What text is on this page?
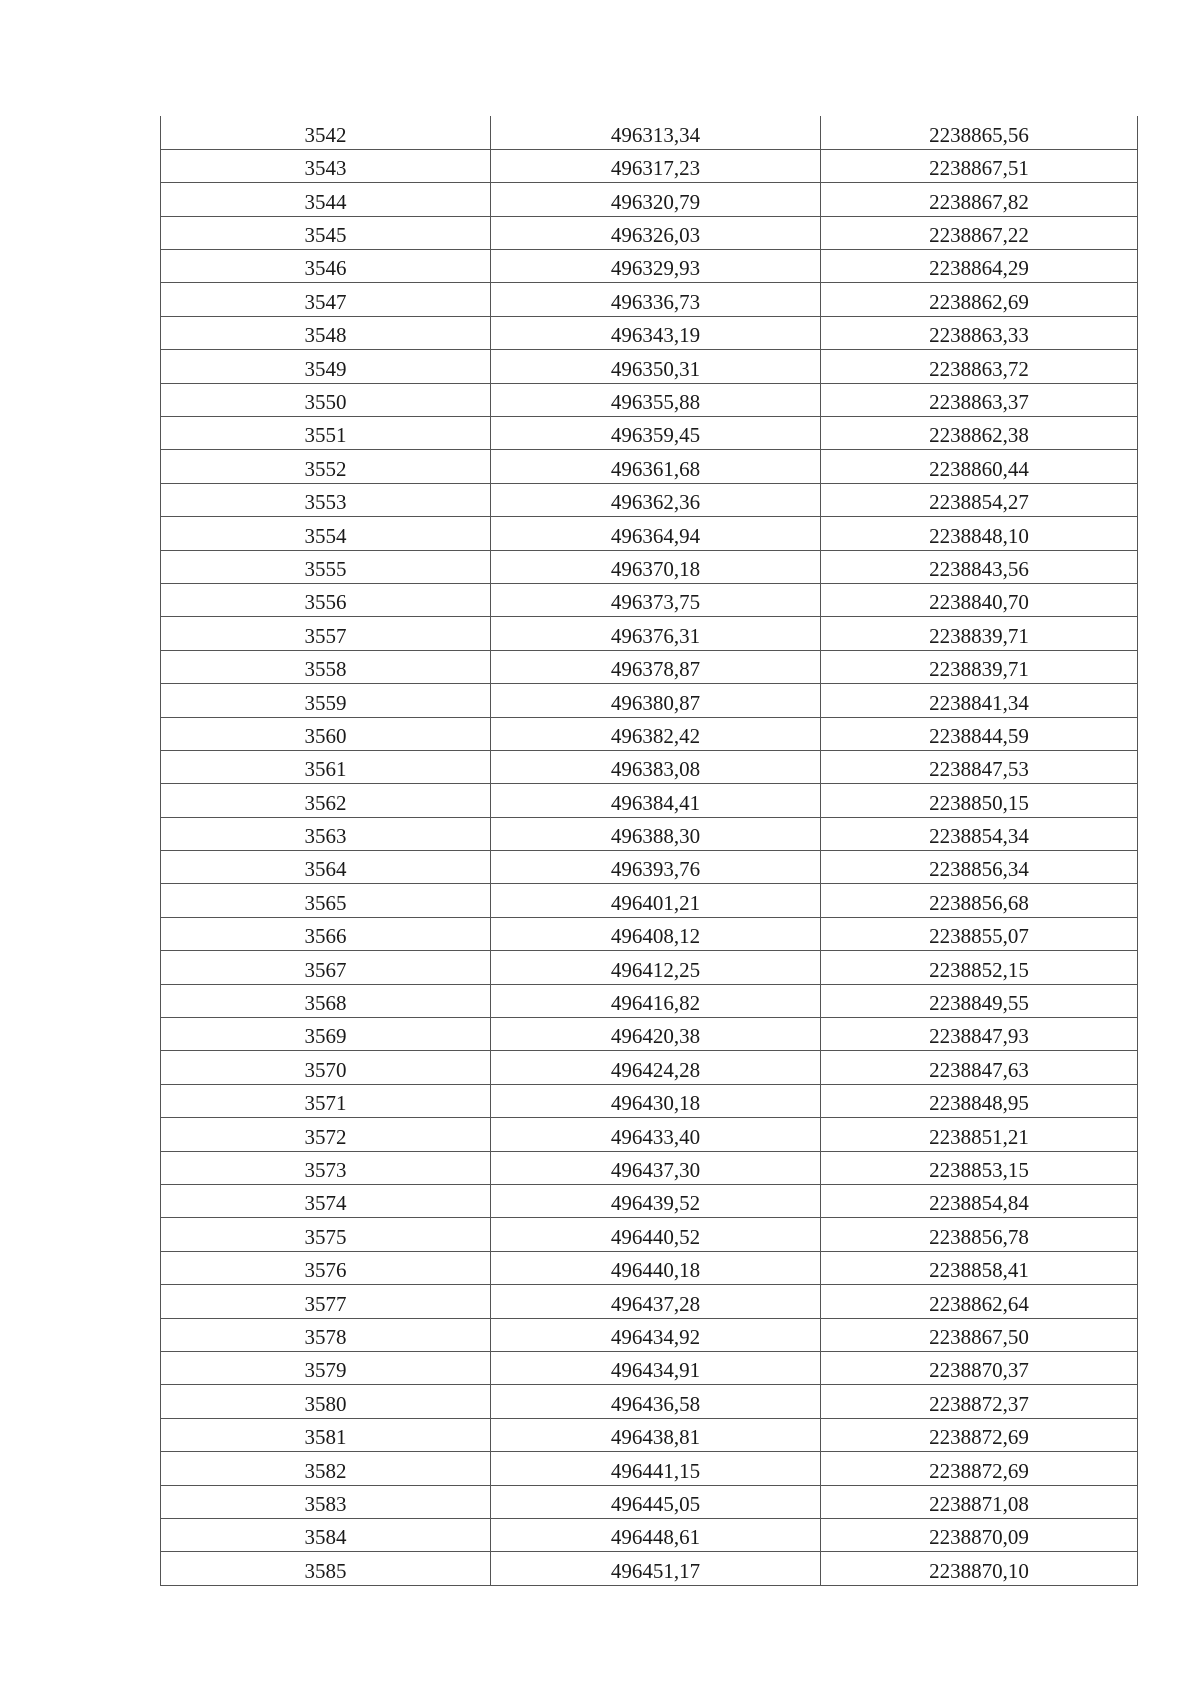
3542	496313,34	2238865,56
3543	496317,23	2238867,51
3544	496320,79	2238867,82
3545	496326,03	2238867,22
3546	496329,93	2238864,29
3547	496336,73	2238862,69
3548	496343,19	2238863,33
3549	496350,31	2238863,72
3550	496355,88	2238863,37
3551	496359,45	2238862,38
3552	496361,68	2238860,44
3553	496362,36	2238854,27
3554	496364,94	2238848,10
3555	496370,18	2238843,56
3556	496373,75	2238840,70
3557	496376,31	2238839,71
3558	496378,87	2238839,71
3559	496380,87	2238841,34
3560	496382,42	2238844,59
3561	496383,08	2238847,53
3562	496384,41	2238850,15
3563	496388,30	2238854,34
3564	496393,76	2238856,34
3565	496401,21	2238856,68
3566	496408,12	2238855,07
3567	496412,25	2238852,15
3568	496416,82	2238849,55
3569	496420,38	2238847,93
3570	496424,28	2238847,63
3571	496430,18	2238848,95
3572	496433,40	2238851,21
3573	496437,30	2238853,15
3574	496439,52	2238854,84
3575	496440,52	2238856,78
3576	496440,18	2238858,41
3577	496437,28	2238862,64
3578	496434,92	2238867,50
3579	496434,91	2238870,37
3580	496436,58	2238872,37
3581	496438,81	2238872,69
3582	496441,15	2238872,69
3583	496445,05	2238871,08
3584	496448,61	2238870,09
3585	496451,17	2238870,10
